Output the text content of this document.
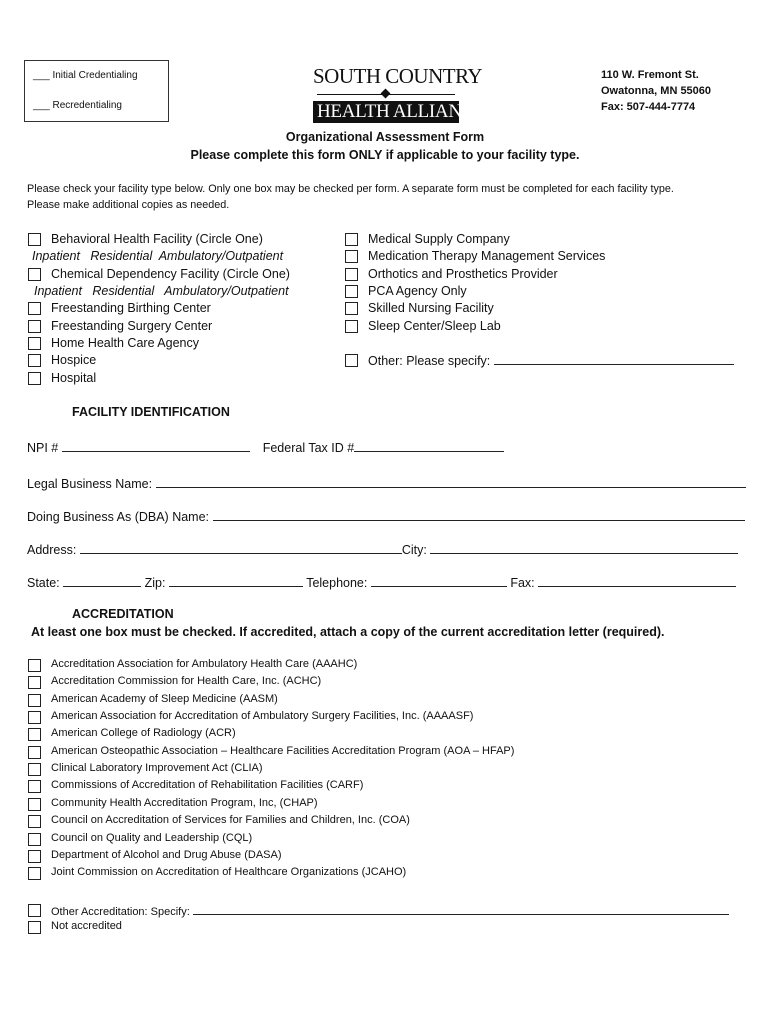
___ Initial Credentialing
___ Recredentialing
SOUTH COUNTRY
HEALTH ALLIANCE
110 W. Fremont St.
Owatonna, MN 55060
Fax: 507-444-7774
Organizational Assessment Form
Please complete this form ONLY if applicable to your facility type.
Please check your facility type below. Only one box may be checked per form. A separate form must be completed for each facility type.
Please make additional copies as needed.
Behavioral Health Facility (Circle One)
Inpatient   Residential  Ambulatory/Outpatient
Chemical Dependency Facility (Circle One)
Inpatient   Residential   Ambulatory/Outpatient
Freestanding Birthing Center
Freestanding Surgery Center
Home Health Care Agency
Hospice
Hospital
Medical Supply Company
Medication Therapy Management Services
Orthotics and Prosthetics Provider
PCA Agency Only
Skilled Nursing Facility
Sleep Center/Sleep Lab
Other: Please specify:
FACILITY IDENTIFICATION
NPI #	Federal Tax ID #
Legal Business Name:
Doing Business As (DBA) Name:
Address:	City:
State:	Zip:	Telephone:	Fax:
ACCREDITATION
At least one box must be checked. If accredited, attach a copy of the current accreditation letter (required).
Accreditation Association for Ambulatory Health Care (AAAHC)
Accreditation Commission for Health Care, Inc. (ACHC)
American Academy of Sleep Medicine (AASM)
American Association for Accreditation of Ambulatory Surgery Facilities, Inc. (AAAASF)
American College of Radiology (ACR)
American Osteopathic Association – Healthcare Facilities Accreditation Program (AOA – HFAP)
Clinical Laboratory Improvement Act (CLIA)
Commissions of Accreditation of Rehabilitation Facilities (CARF)
Community Health Accreditation Program, Inc, (CHAP)
Council on Accreditation of Services for Families and Children, Inc. (COA)
Council on Quality and Leadership (CQL)
Department of Alcohol and Drug Abuse (DASA)
Joint Commission on Accreditation of Healthcare Organizations (JCAHO)
Other Accreditation: Specify:
Not accredited
